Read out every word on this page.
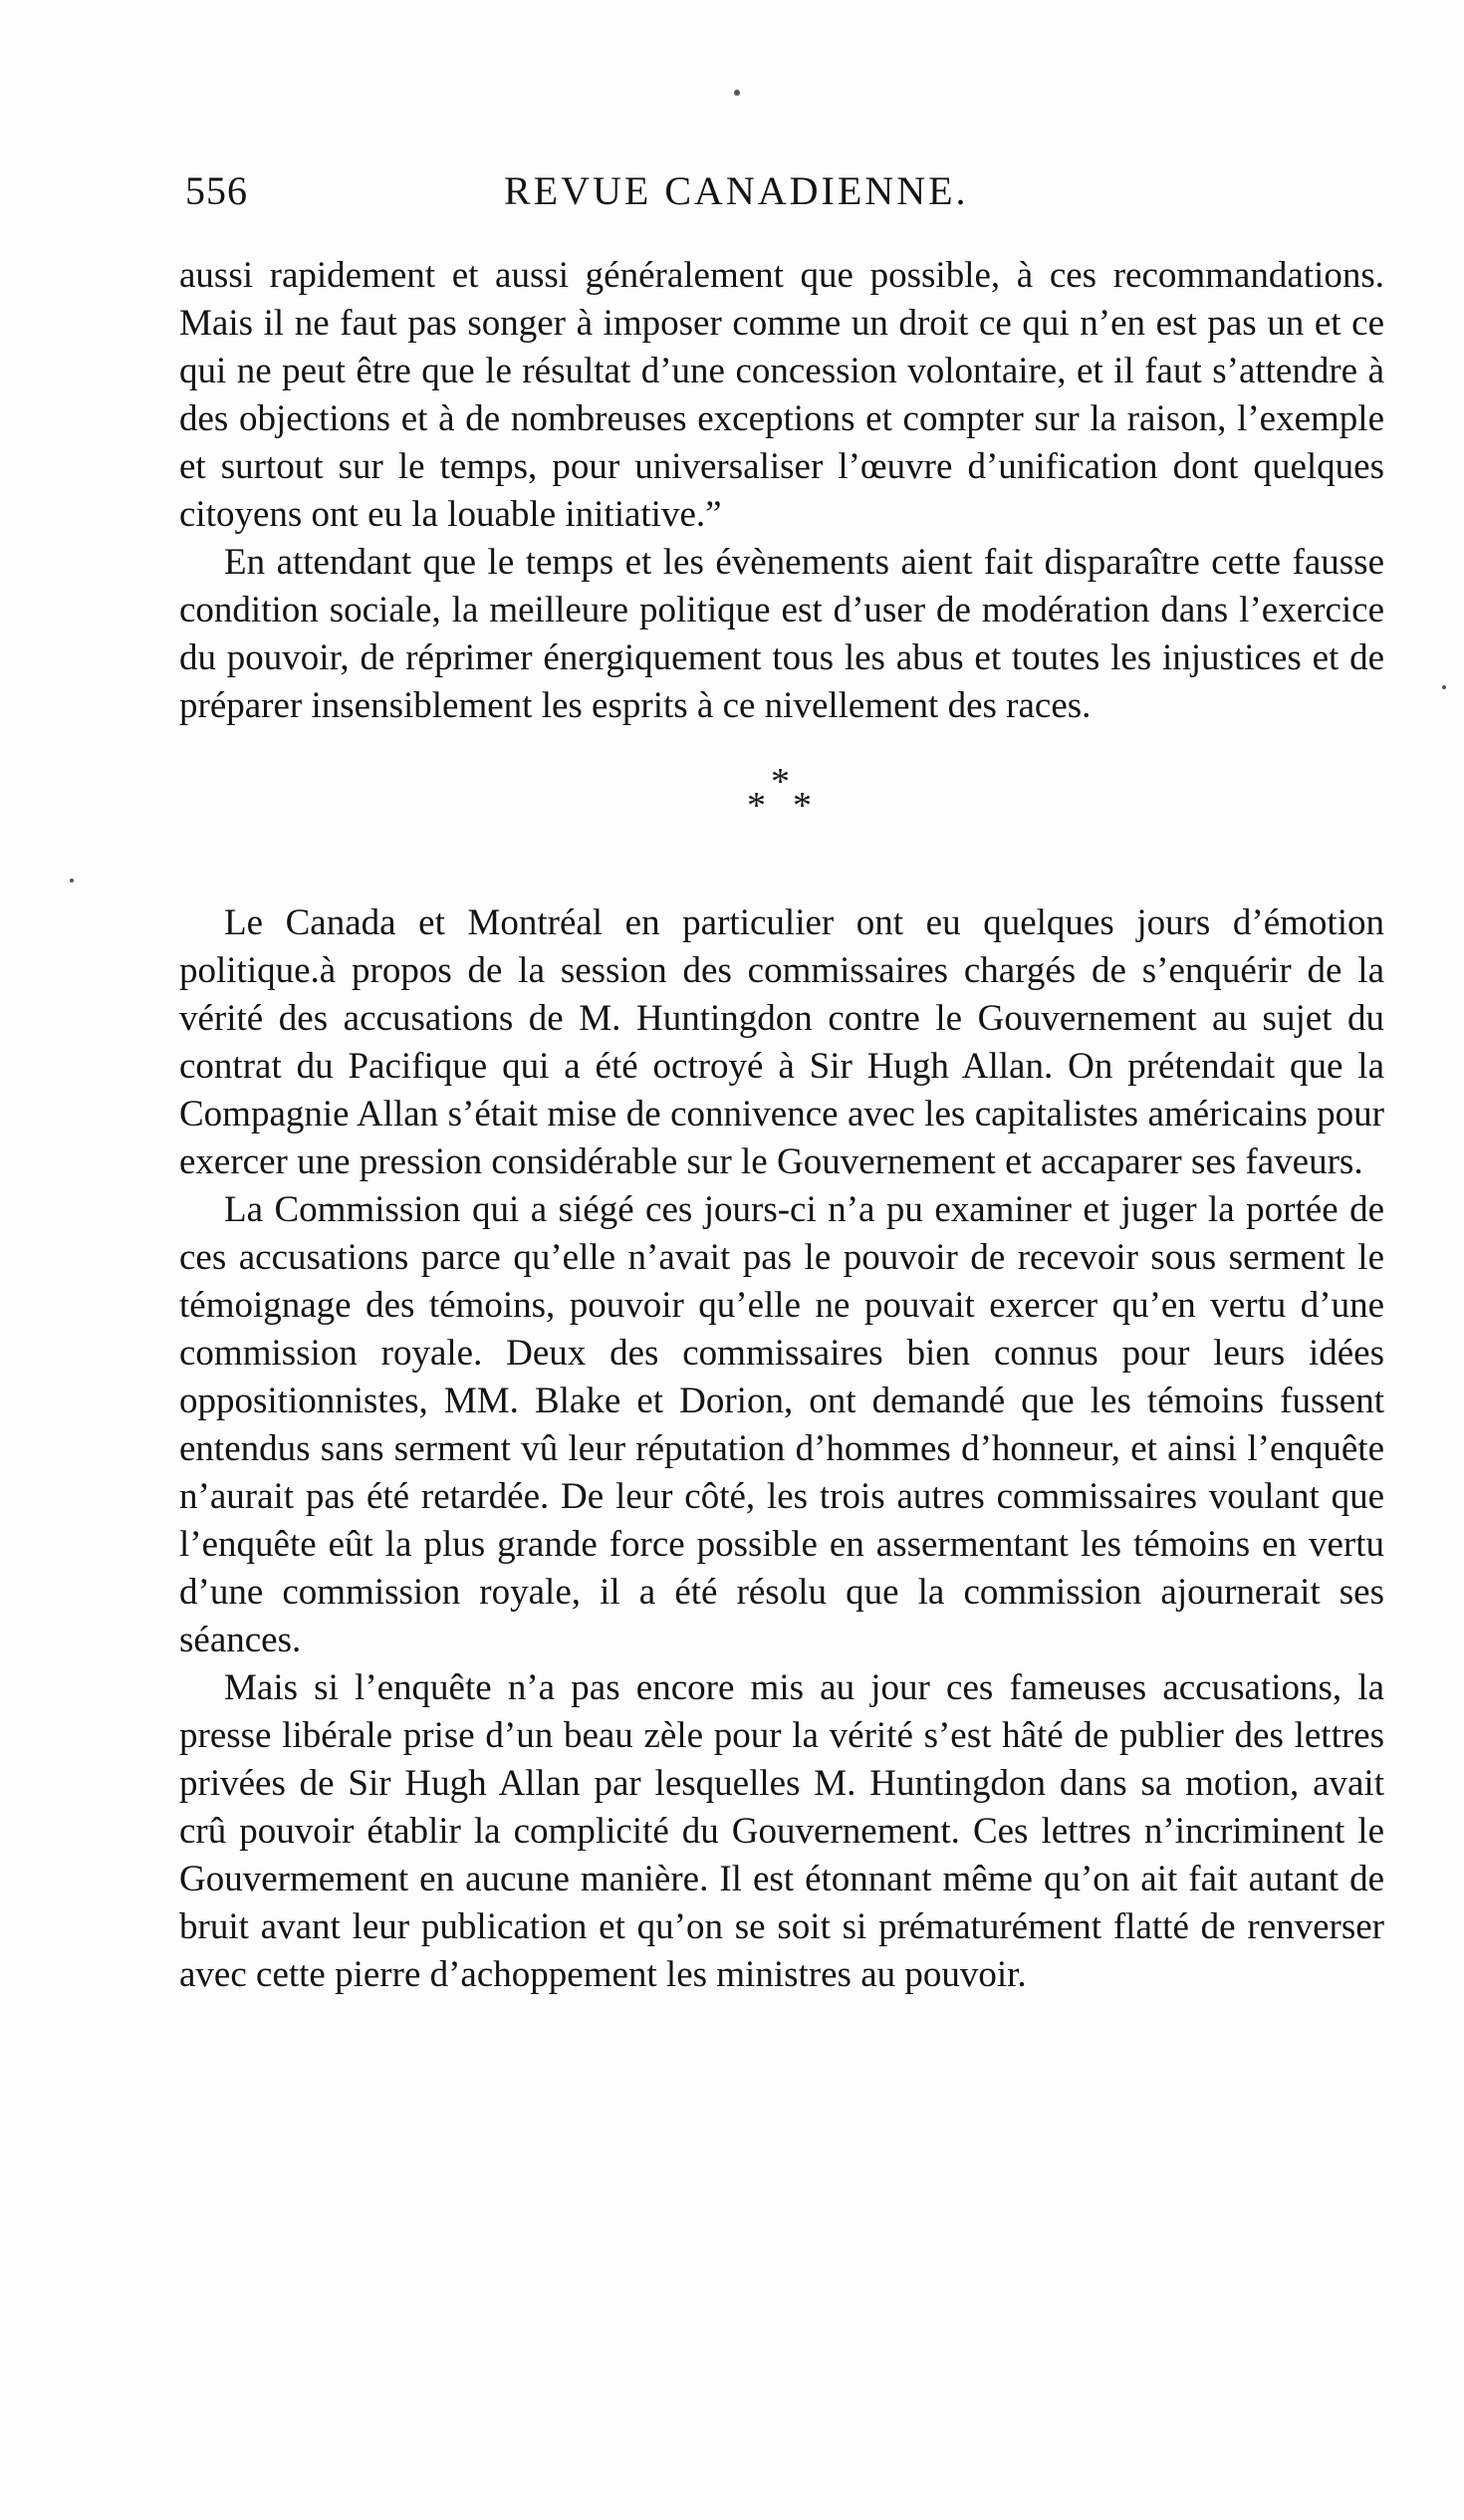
556	REVUE CANADIENNE.

aussi rapidement et aussi généralement que possible, à ces recommandations. Mais il ne faut pas songer à imposer comme un droit ce qui n’en est pas un et ce qui ne peut être que le résultat d’une concession volontaire, et il faut s’attendre à des objections et à de nombreuses exceptions et compter sur la raison, l’exemple et surtout sur le temps, pour universaliser l’œuvre d’unification dont quelques citoyens ont eu la louable initiative.”

En attendant que le temps et les évènements aient fait disparaître cette fausse condition sociale, la meilleure politique est d’user de modération dans l’exercice du pouvoir, de réprimer énergiquement tous les abus et toutes les injustices et de préparer insensiblement les esprits à ce nivellement des races.

*
*
*

Le Canada et Montréal en particulier ont eu quelques jours d’émotion politique.à propos de la session des commissaires chargés de s’enquérir de la vérité des accusations de M. Huntingdon contre le Gouvernement au sujet du contrat du Pacifique qui a été octroyé à Sir Hugh Allan. On prétendait que la Compagnie Allan s’était mise de connivence avec les capitalistes américains pour exercer une pression considérable sur le Gouvernement et accaparer ses faveurs.

La Commission qui a siégé ces jours-ci n’a pu examiner et juger la portée de ces accusations parce qu’elle n’avait pas le pouvoir de recevoir sous serment le témoignage des témoins, pouvoir qu’elle ne pouvait exercer qu’en vertu d’une commission royale. Deux des commissaires bien connus pour leurs idées oppositionnistes, MM. Blake et Dorion, ont demandé que les témoins fussent entendus sans serment vû leur réputation d’hommes d’honneur, et ainsi l’enquête n’aurait pas été retardée. De leur côté, les trois autres commissaires voulant que l’enquête eût la plus grande force possible en assermentant les témoins en vertu d’une commission royale, il a été résolu que la commission ajournerait ses séances.

Mais si l’enquête n’a pas encore mis au jour ces fameuses accusations, la presse libérale prise d’un beau zèle pour la vérité s’est hâté de publier des lettres privées de Sir Hugh Allan par lesquelles M. Huntingdon dans sa motion, avait crû pouvoir établir la complicité du Gouvernement. Ces lettres n’incriminent le Gouvermement en aucune manière. Il est étonnant même qu’on ait fait autant de bruit avant leur publication et qu’on se soit si prématurément flatté de renverser avec cette pierre d’achoppement les ministres au pouvoir.
